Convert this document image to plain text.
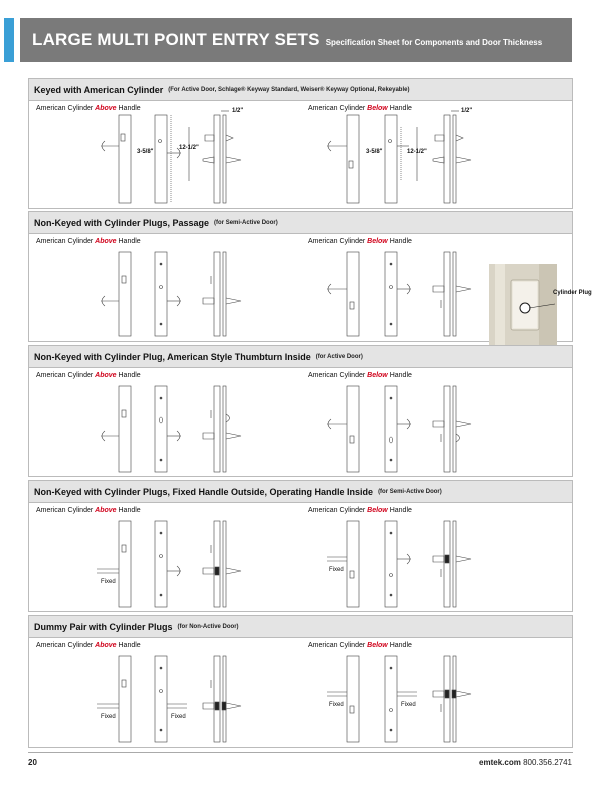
LARGE MULTI POINT ENTRY SETS Specification Sheet for Components and Door Thickness
Keyed with American Cylinder (For Active Door, Schlage® Keyway Standard, Weiser® Keyway Optional, Rekeyable)
American Cylinder Above Handle
3-5/8"
12-1/2"
1/2"	American Cylinder Below Handle
3-5/8"	12-1/2"
1/2"
Non-Keyed with Cylinder Plugs, Passage (for Semi-Active Door)
American Cylinder Above Handle	American Cylinder Below Handle
Cylinder Plug
Non-Keyed with Cylinder Plug, American Style Thumbturn Inside (for Active Door)
American Cylinder Above Handle	American Cylinder Below Handle
Non-Keyed with Cylinder Plugs, Fixed Handle Outside, Operating Handle Inside (for Semi-Active Door)
American Cylinder Above Handle
Fixed
American Cylinder Below Handle
Fixed
Dummy Pair with Cylinder Plugs (for Non-Active Door)
American Cylinder Above Handle
Fixed	Fixed
American Cylinder Below Handle
Fixed	Fixed
20	emtek.com 800.356.2741
